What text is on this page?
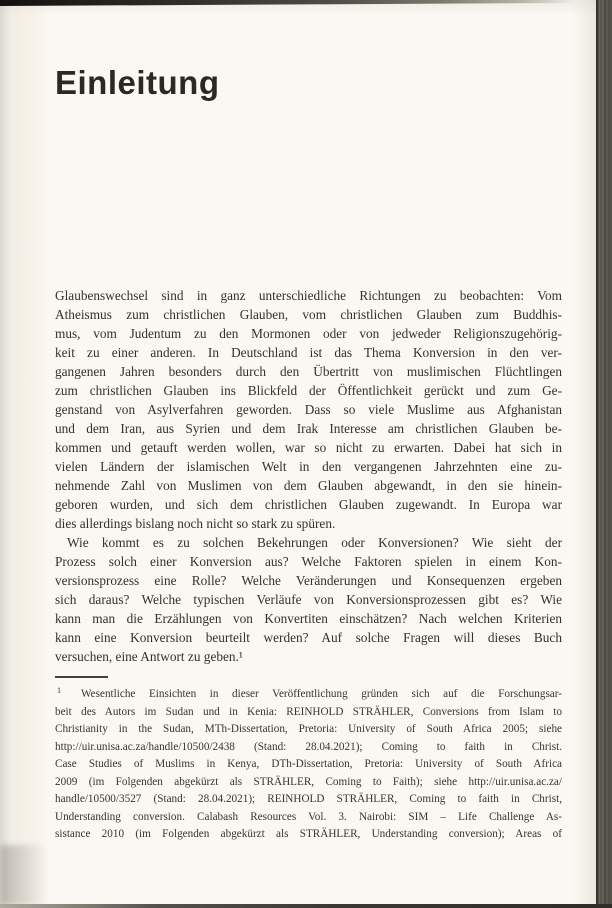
Einleitung
Glaubenswechsel sind in ganz unterschiedliche Richtungen zu beobachten: Vom
Atheismus zum christlichen Glauben, vom christlichen Glauben zum Buddhis-
mus, vom Judentum zu den Mormonen oder von jedweder Religionszugehörig-
keit zu einer anderen. In Deutschland ist das Thema Konversion in den ver-
gangenen Jahren besonders durch den Übertritt von muslimischen Flüchtlingen
zum christlichen Glauben ins Blickfeld der Öffentlichkeit gerückt und zum Ge-
genstand von Asylverfahren geworden. Dass so viele Muslime aus Afghanistan
und dem Iran, aus Syrien und dem Irak Interesse am christlichen Glauben be-
kommen und getauft werden wollen, war so nicht zu erwarten. Dabei hat sich in
vielen Ländern der islamischen Welt in den vergangenen Jahrzehnten eine zu-
nehmende Zahl von Muslimen von dem Glauben abgewandt, in den sie hinein-
geboren wurden, und sich dem christlichen Glauben zugewandt. In Europa war
dies allerdings bislang noch nicht so stark zu spüren.
Wie kommt es zu solchen Bekehrungen oder Konversionen? Wie sieht der
Prozess solch einer Konversion aus? Welche Faktoren spielen in einem Kon-
versionsprozess eine Rolle? Welche Veränderungen und Konsequenzen ergeben
sich daraus? Welche typischen Verläufe von Konversionsprozessen gibt es? Wie
kann man die Erzählungen von Konvertiten einschätzen? Nach welchen Kriterien
kann eine Konversion beurteilt werden? Auf solche Fragen will dieses Buch
versuchen, eine Antwort zu geben.¹
1	Wesentliche Einsichten in dieser Veröffentlichung gründen sich auf die Forschungsar-
beit des Autors im Sudan und in Kenia: REINHOLD STRÄHLER, Conversions from Islam to
Christianity in the Sudan, MTh-Dissertation, Pretoria: University of South Africa 2005; siehe
http://uir.unisa.ac.za/handle/10500/2438 (Stand: 28.04.2021); Coming to faith in Christ.
Case Studies of Muslims in Kenya, DTh-Dissertation, Pretoria: University of South Africa
2009 (im Folgenden abgekürzt als STRÄHLER, Coming to Faith); siehe http://uir.unisa.ac.za/
handle/10500/3527 (Stand: 28.04.2021); REINHOLD STRÄHLER, Coming to faith in Christ,
Understanding conversion. Calabash Resources Vol. 3. Nairobi: SIM – Life Challenge As-
sistance 2010 (im Folgenden abgekürzt als STRÄHLER, Understanding conversion); Areas of
